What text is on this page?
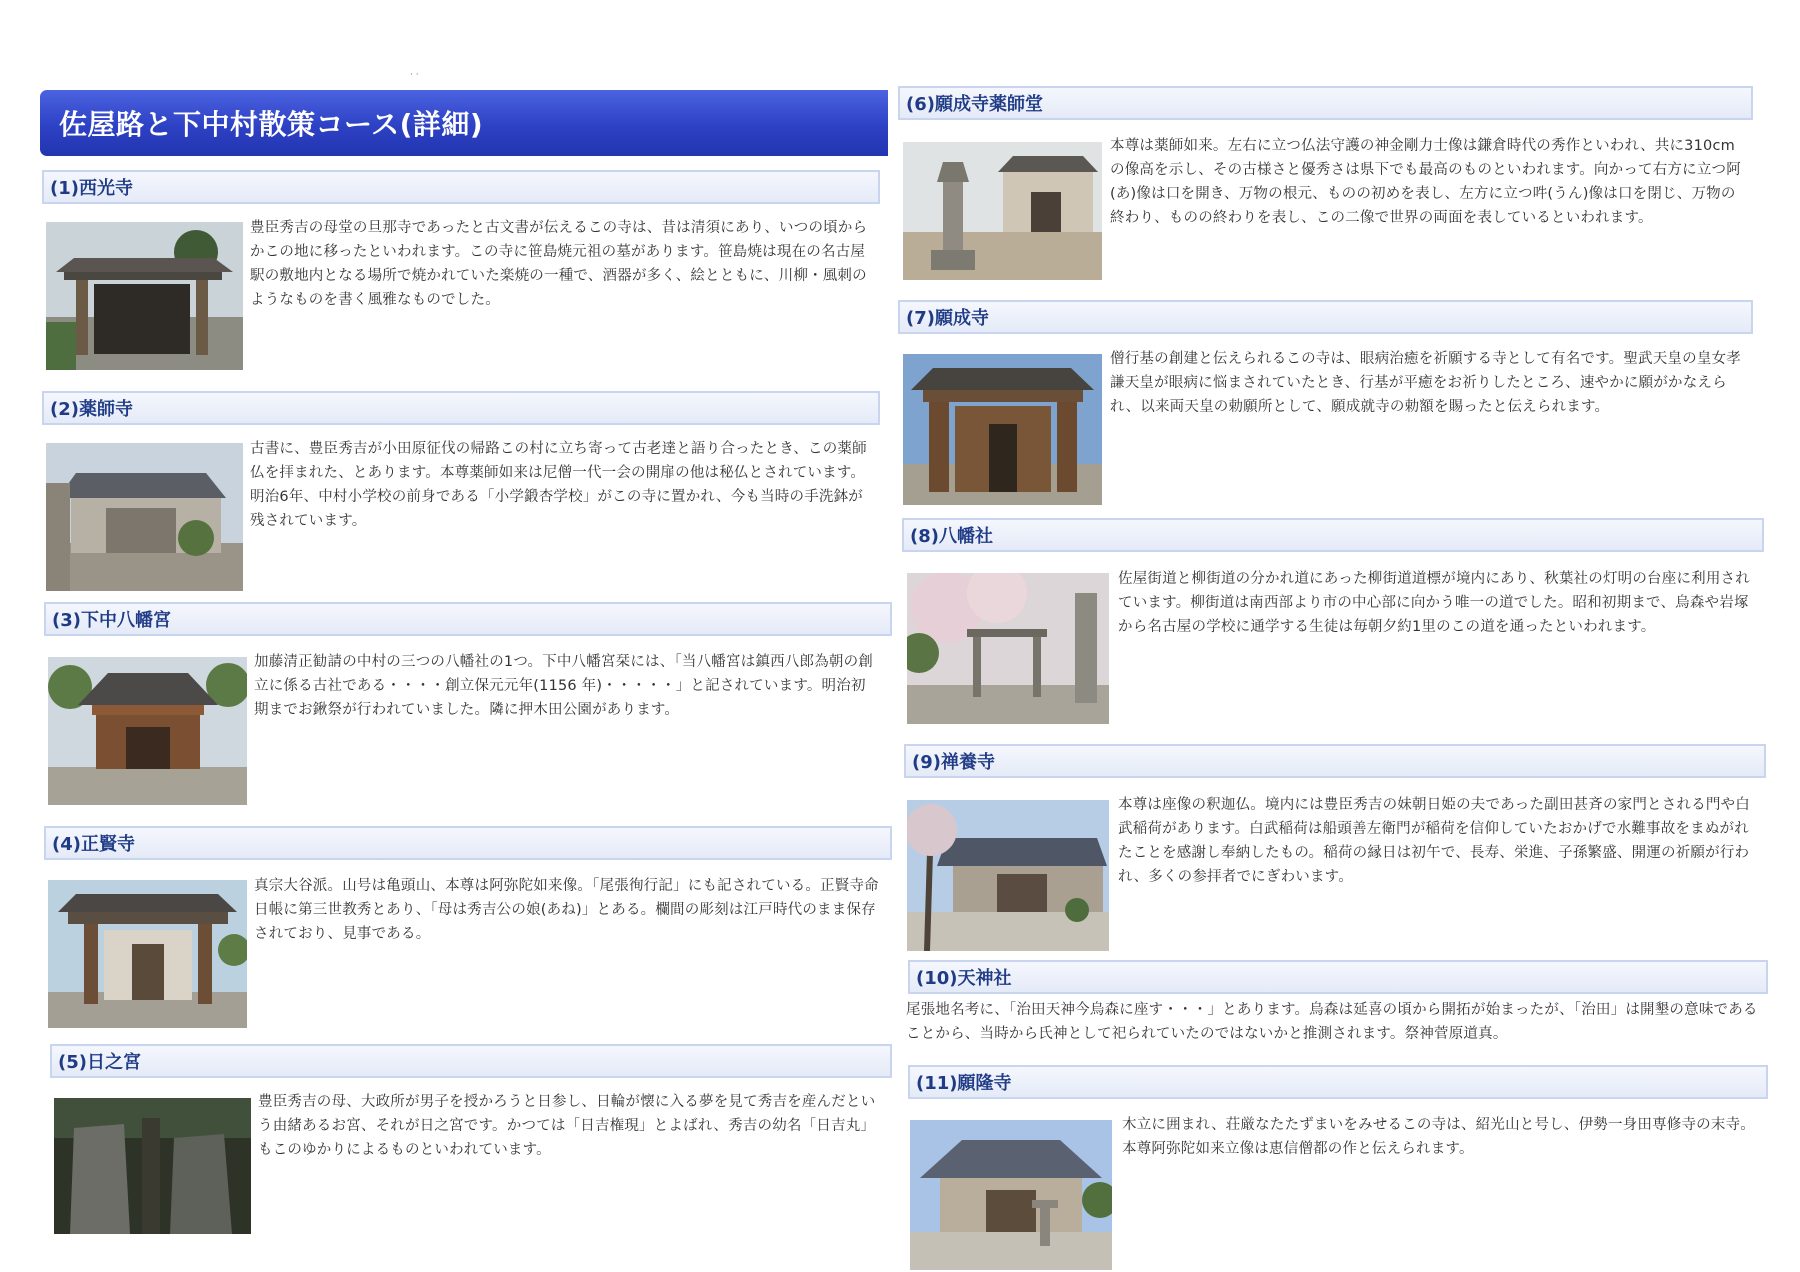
· ·
佐屋路と下中村散策コース(詳細)
(1)西光寺

豊臣秀吉の母堂の旦那寺であったと古文書が伝えるこの寺は、昔は清須にあり、いつの頃からかこの地に移ったといわれます。この寺に笹島焼元祖の墓があります。笹島焼は現在の名古屋駅の敷地内となる場所で焼かれていた楽焼の一種で、酒器が多く、絵とともに、川柳・風刺のようなものを書く風雅なものでした。

(2)薬師寺

古書に、豊臣秀吉が小田原征伐の帰路この村に立ち寄って古老達と語り合ったとき、この薬師仏を拝まれた、とあります。本尊薬師如来は尼僧一代一会の開扉の他は秘仏とされています。明治6年、中村小学校の前身である「小学鍛杏学校」がこの寺に置かれ、今も当時の手洗鉢が残されています。

(3)下中八幡宮

加藤清正勧請の中村の三つの八幡社の1つ。下中八幡宮栞には、「当八幡宮は鎮西八郎為朝の創立に係る古社である・・・・創立保元元年(1156 年)・・・・・」と記されています。明治初期までお鍬祭が行われていました。隣に押木田公園があります。

(4)正賢寺

真宗大谷派。山号は亀頭山、本尊は阿弥陀如来像。「尾張徇行記」にも記されている。正賢寺命日帳に第三世教秀とあり、「母は秀吉公の娘(あね)」とある。欄間の彫刻は江戸時代のまま保存されており、見事である。

(5)日之宮

豊臣秀吉の母、大政所が男子を授かろうと日参し、日輪が懐に入る夢を見て秀吉を産んだという由緒あるお宮、それが日之宮です。かつては「日吉権現」とよばれ、秀吉の幼名「日吉丸」もこのゆかりによるものといわれています。

(6)願成寺薬師堂

本尊は薬師如来。左右に立つ仏法守護の神金剛力士像は鎌倉時代の秀作といわれ、共に310cmの像高を示し、その古様さと優秀さは県下でも最高のものといわれます。向かって右方に立つ阿(あ)像は口を開き、万物の根元、ものの初めを表し、左方に立つ吽(うん)像は口を閉じ、万物の終わり、ものの終わりを表し、この二像で世界の両面を表しているといわれます。

(7)願成寺

僧行基の創建と伝えられるこの寺は、眼病治癒を祈願する寺として有名です。聖武天皇の皇女孝謙天皇が眼病に悩まされていたとき、行基が平癒をお祈りしたところ、速やかに願がかなえられ、以来両天皇の勅願所として、願成就寺の勅額を賜ったと伝えられます。

(8)八幡社

佐屋街道と柳街道の分かれ道にあった柳街道道標が境内にあり、秋葉社の灯明の台座に利用されています。柳街道は南西部より市の中心部に向かう唯一の道でした。昭和初期まで、烏森や岩塚から名古屋の学校に通学する生徒は毎朝夕約1里のこの道を通ったといわれます。

(9)禅養寺

本尊は座像の釈迦仏。境内には豊臣秀吉の妹朝日姫の夫であった副田甚斉の家門とされる門や白武稲荷があります。白武稲荷は船頭善左衛門が稲荷を信仰していたおかげで水難事故をまぬがれたことを感謝し奉納したもの。稲荷の縁日は初午で、長寿、栄進、子孫繁盛、開運の祈願が行われ、多くの参拝者でにぎわいます。

(10)天神社

尾張地名考に、「治田天神今烏森に座す・・・」とあります。烏森は延喜の頃から開拓が始まったが、「治田」は開墾の意味であることから、当時から氏神として祀られていたのではないかと推測されます。祭神菅原道真。

(11)願隆寺

木立に囲まれ、荘厳なたたずまいをみせるこの寺は、紹光山と号し、伊勢一身田専修寺の末寺。本尊阿弥陀如来立像は恵信僧都の作と伝えられます。
